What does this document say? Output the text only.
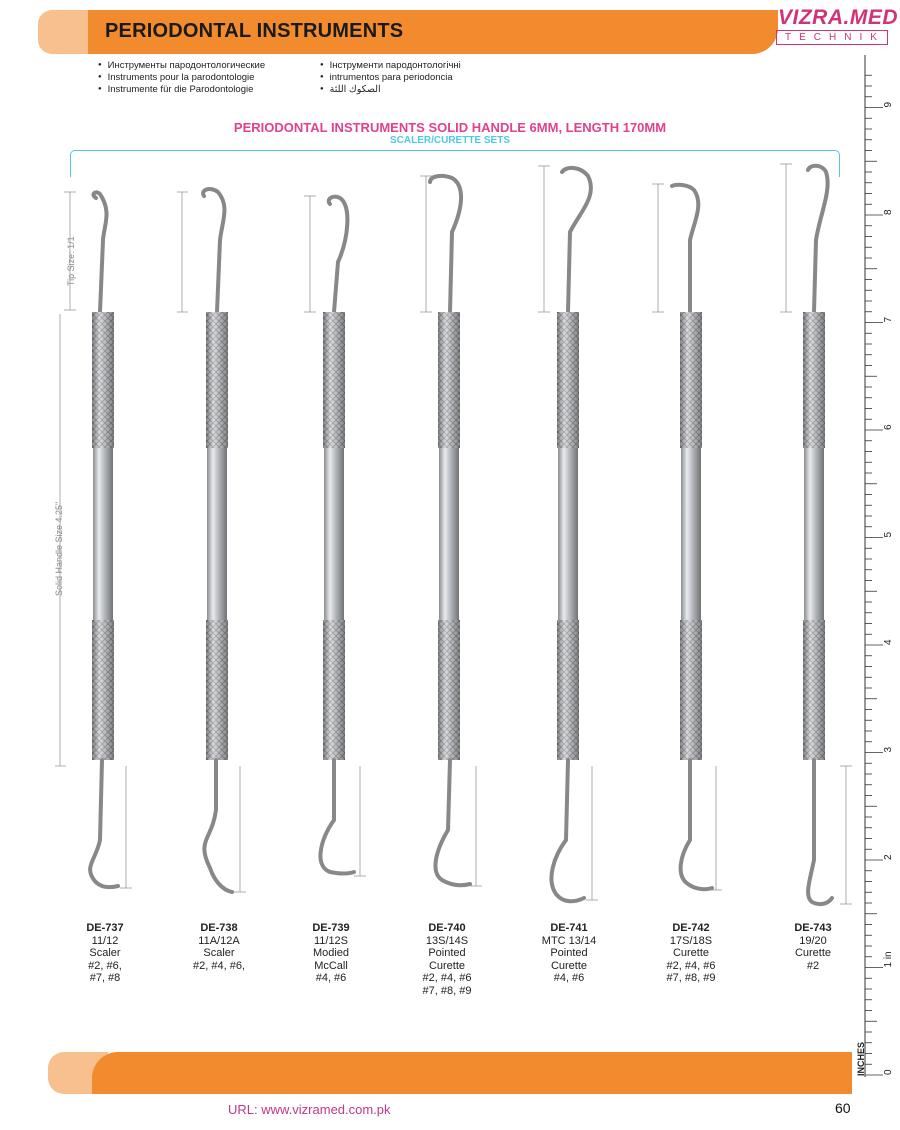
PERIODONTAL INSTRUMENTS
VIZRA.MED
TECHNIK
● Инструменты пародонтологические
● Instruments pour la parodontologie
● Instrumente für die Parodontologie
● Інструменти пародонтологічні
● intrumentos para periodoncia
● الصكوك اللثة
PERIODONTAL INSTRUMENTS SOLID HANDLE 6MM, LENGTH 170MM
SCALER/CURETTE SETS
Tip Size: 1/1
Solid Handle Size 4.25"
DE-737
11/12
Scaler
#2, #6,
#7, #8
DE-738
11A/12A
Scaler
#2, #4, #6,
DE-739
11/12S
Modied
McCall
#4, #6
DE-740
13S/14S
Pointed
Curette
#2, #4, #6
#7, #8, #9
DE-741
MTC 13/14
Pointed
Curette
#4, #6
DE-742
17S/18S
Curette
#2, #4, #6
#7, #8, #9
DE-743
19/20
Curette
#2
0
1 in
2
3
4
5
6
7
8
9
INCHES
URL: www.vizramed.com.pk	60
